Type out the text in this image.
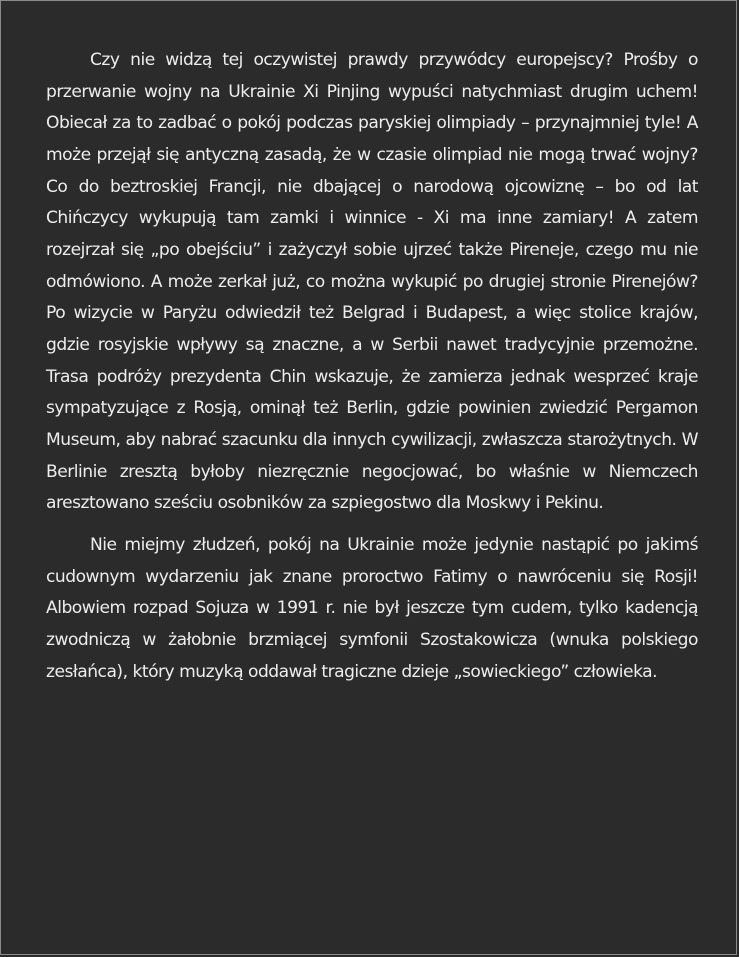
Czy nie widzą tej oczywistej prawdy przywódcy europejscy? Prośby o przerwanie wojny na Ukrainie Xi Pinjing wypuści natychmiast drugim uchem! Obiecał za to zadbać o pokój podczas paryskiej olimpiady – przynajmniej tyle! A może przejął się antyczną zasadą, że w czasie olimpiad nie mogą trwać wojny? Co do beztroskiej Francji, nie dbającej o narodową ojcowiznę – bo od lat Chińczycy wykupują tam zamki i winnice - Xi ma inne zamiary! A zatem rozejrzał się „po obejściu” i zażyczył sobie ujrzeć także Pireneje, czego mu nie odmówiono. A może zerkał już, co można wykupić po drugiej stronie Pirenejów? Po wizycie w Paryżu odwiedził też Belgrad i Budapest, a więc stolice krajów, gdzie rosyjskie wpływy są znaczne, a w Serbii nawet tradycyjnie przemożne. Trasa podróży prezydenta Chin wskazuje, że zamierza jednak wesprzeć kraje sympatyzujące z Rosją, ominął też Berlin, gdzie powinien zwiedzić Pergamon Museum, aby nabrać szacunku dla innych cywilizacji, zwłaszcza starożytnych. W Berlinie zresztą byłoby niezręcznie negocjować, bo właśnie w Niemczech aresztowano sześciu osobników za szpiegostwo dla Moskwy i Pekinu.

Nie miejmy złudzeń, pokój na Ukrainie może jedynie nastąpić po jakimś cudownym wydarzeniu jak znane proroctwo Fatimy o nawróceniu się Rosji! Albowiem rozpad Sojuza w 1991 r. nie był jeszcze tym cudem, tylko kadencją zwodniczą w żałobnie brzmiącej symfonii Szostakowicza (wnuka polskiego zesłańca), który muzyką oddawał tragiczne dzieje „sowieckiego” człowieka.
